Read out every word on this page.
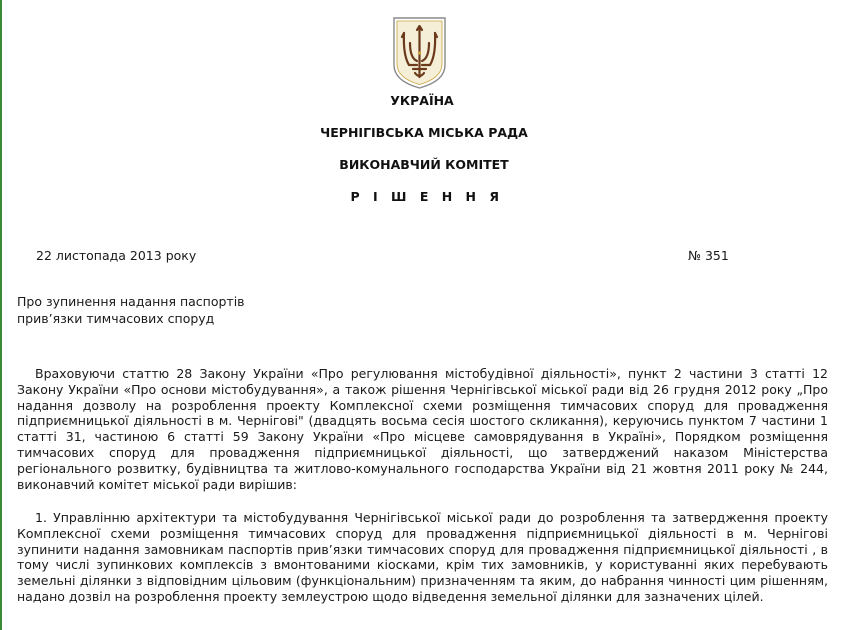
УКРАЇНА
ЧЕРНІГІВСЬКА МІСЬКА РАДА
ВИКОНАВЧИЙ КОМІТЕТ
Р І Ш Е Н Н Я
22 листопада 2013 року	№ 351
Про зупинення надання паспортів
прив’язки тимчасових споруд

Враховуючи статтю 28 Закону України «Про регулювання містобудівної діяльності», пункт 2 частини 3 статті 12 Закону України «Про основи містобудування», а також рішення Чернігівської міської ради від 26 грудня 2012 року „Про надання дозволу на розроблення проекту Комплексної схеми розміщення тимчасових споруд для провадження підприємницької діяльності в м. Чернігові" (двадцять восьма сесія шостого скликання), керуючись пунктом 7 частини 1 статті 31, частиною 6 статті 59 Закону України «Про місцеве самоврядування в Україні», Порядком розміщення тимчасових споруд для провадження підприємницької діяльності, що затверджений наказом Міністерства регіонального розвитку, будівництва та житлово-комунального господарства України від 21 жовтня 2011 року № 244, виконавчий комітет міської ради вирішив:

1. Управлінню архітектури та містобудування Чернігівської міської ради до розроблення та затвердження проекту Комплексної схеми розміщення тимчасових споруд для провадження підприємницької діяльності в м. Чернігові зупинити надання замовникам паспортів прив’язки тимчасових споруд для провадження підприємницької діяльності , в тому числі зупинкових комплексів з вмонтованими кіосками, крім тих замовників, у користуванні яких перебувають земельні ділянки з відповідним цільовим (функціональним) призначенням та яким, до набрання чинності цим рішенням, надано дозвіл на розроблення проекту землеустрою щодо відведення земельної ділянки для зазначених цілей.
